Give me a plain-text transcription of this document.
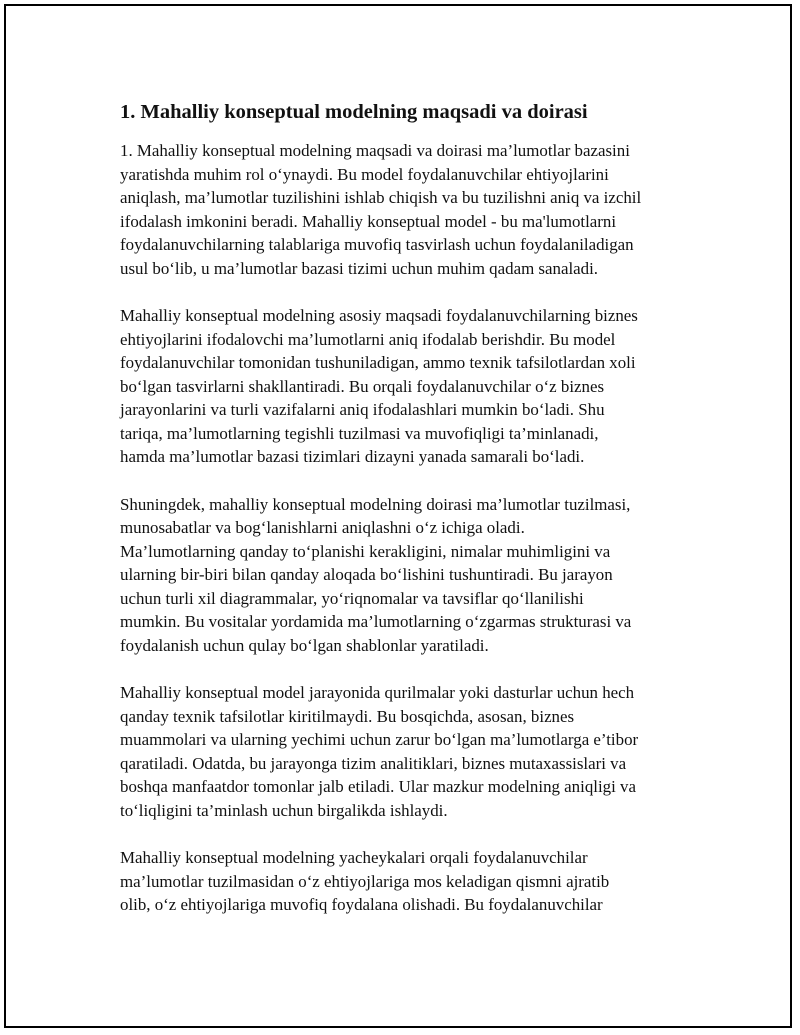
1. Mahalliy konseptual modelning maqsadi va doirasi

1. Mahalliy konseptual modelning maqsadi va doirasi ma’lumotlar bazasini
yaratishda muhim rol o‘ynaydi. Bu model foydalanuvchilar ehtiyojlarini
aniqlash, ma’lumotlar tuzilishini ishlab chiqish va bu tuzilishni aniq va izchil
ifodalash imkonini beradi. Mahalliy konseptual model - bu ma'lumotlarni
foydalanuvchilarning talablariga muvofiq tasvirlash uchun foydalaniladigan
usul bo‘lib, u ma’lumotlar bazasi tizimi uchun muhim qadam sanaladi.

Mahalliy konseptual modelning asosiy maqsadi foydalanuvchilarning biznes
ehtiyojlarini ifodalovchi ma’lumotlarni aniq ifodalab berishdir. Bu model
foydalanuvchilar tomonidan tushuniladigan, ammo texnik tafsilotlardan xoli
bo‘lgan tasvirlarni shakllantiradi. Bu orqali foydalanuvchilar o‘z biznes
jarayonlarini va turli vazifalarni aniq ifodalashlari mumkin bo‘ladi. Shu
tariqa, ma’lumotlarning tegishli tuzilmasi va muvofiqligi ta’minlanadi,
hamda ma’lumotlar bazasi tizimlari dizayni yanada samarali bo‘ladi.

Shuningdek, mahalliy konseptual modelning doirasi ma’lumotlar tuzilmasi,
munosabatlar va bog‘lanishlarni aniqlashni o‘z ichiga oladi.
Ma’lumotlarning qanday to‘planishi kerakligini, nimalar muhimligini va
ularning bir-biri bilan qanday aloqada bo‘lishini tushuntiradi. Bu jarayon
uchun turli xil diagrammalar, yo‘riqnomalar va tavsiflar qo‘llanilishi
mumkin. Bu vositalar yordamida ma’lumotlarning o‘zgarmas strukturasi va
foydalanish uchun qulay bo‘lgan shablonlar yaratiladi.

Mahalliy konseptual model jarayonida qurilmalar yoki dasturlar uchun hech
qanday texnik tafsilotlar kiritilmaydi. Bu bosqichda, asosan, biznes
muammolari va ularning yechimi uchun zarur bo‘lgan ma’lumotlarga e’tibor
qaratiladi. Odatda, bu jarayonga tizim analitiklari, biznes mutaxassislari va
boshqa manfaatdor tomonlar jalb etiladi. Ular mazkur modelning aniqligi va
to‘liqligini ta’minlash uchun birgalikda ishlaydi.

Mahalliy konseptual modelning yacheykalari orqali foydalanuvchilar
ma’lumotlar tuzilmasidan o‘z ehtiyojlariga mos keladigan qismni ajratib
olib, o‘z ehtiyojlariga muvofiq foydalana olishadi. Bu foydalanuvchilar
